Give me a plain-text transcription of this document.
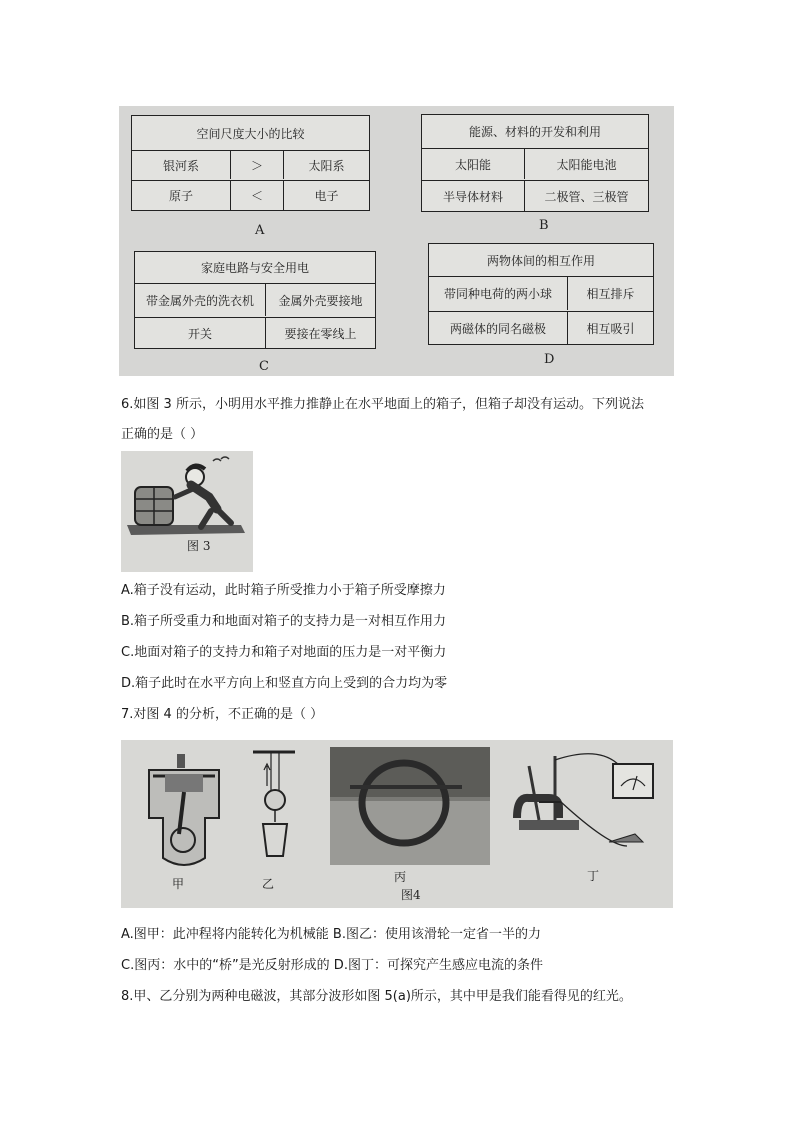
空间尺度大小的比较
银河系	＞	太阳系
原子	＜	电子
A
能源、材料的开发和利用
太阳能	太阳能电池
半导体材料	二极管、三极管
B
家庭电路与安全用电
带金属外壳的洗衣机	金属外壳要接地
开关	要接在零线上
C
两物体间的相互作用
带同种电荷的两小球	相互排斥
两磁体的同名磁极	相互吸引
D
6.如图 3 所示，小明用水平推力推静止在水平地面上的箱子，但箱子却没有运动。下列说法
正确的是（ ）
图 3
A.箱子没有运动，此时箱子所受推力小于箱子所受摩擦力
B.箱子所受重力和地面对箱子的支持力是一对相互作用力
C.地面对箱子的支持力和箱子对地面的压力是一对平衡力
D.箱子此时在水平方向上和竖直方向上受到的合力均为零
7.对图 4 的分析，不正确的是（ ）
甲	乙	丙
图4
丁
A.图甲：此冲程将内能转化为机械能 B.图乙：使用该滑轮一定省一半的力
C.图丙：水中的“桥”是光反射形成的 D.图丁：可探究产生感应电流的条件
8.甲、乙分别为两种电磁波，其部分波形如图 5(a)所示，其中甲是我们能看得见的红光。
